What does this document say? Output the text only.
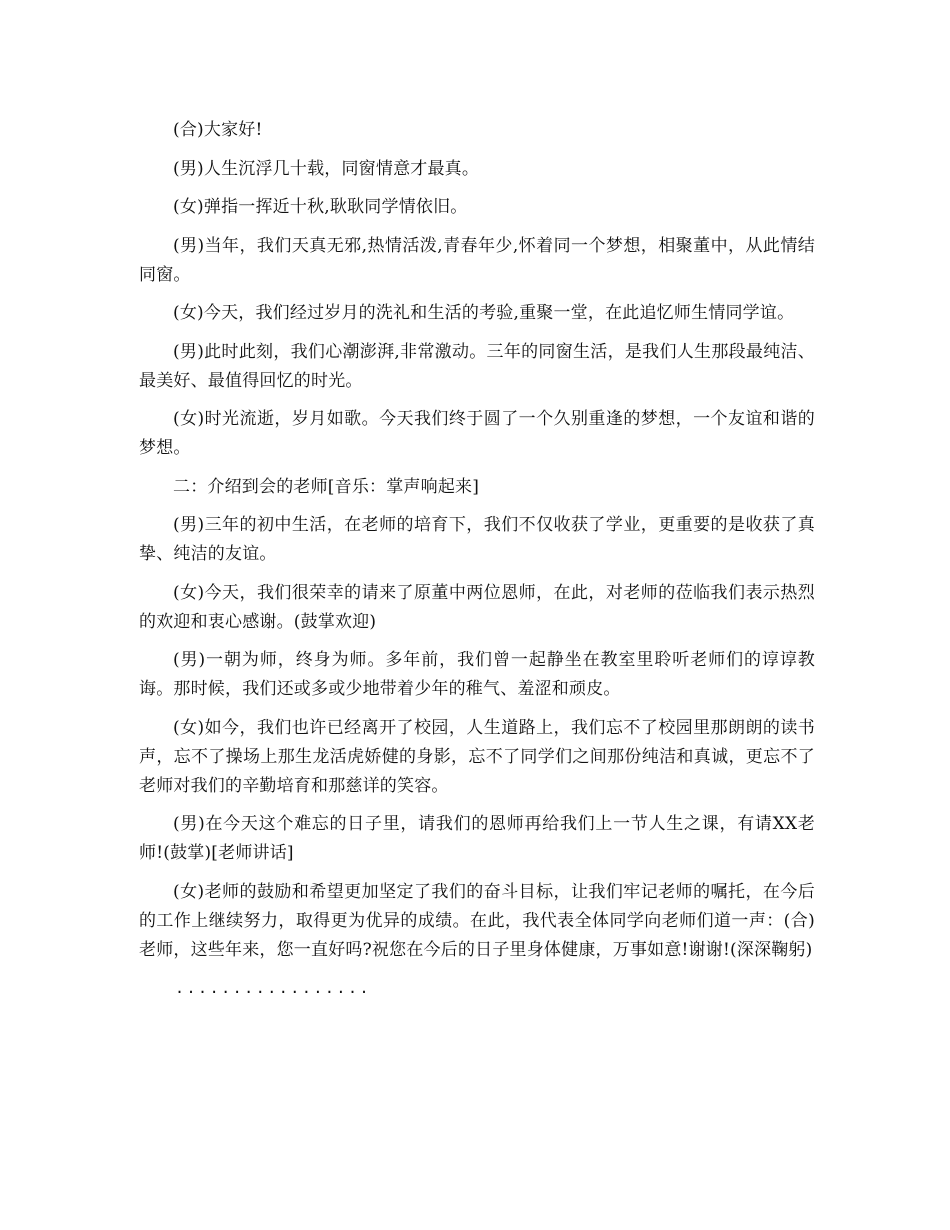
(合)大家好!

(男)人生沉浮几十载，同窗情意才最真。

(女)弹指一挥近十秋,耿耿同学情依旧。

(男)当年，我们天真无邪,热情活泼,青春年少,怀着同一个梦想，相聚董中，从此情结同窗。

(女)今天，我们经过岁月的洗礼和生活的考验,重聚一堂，在此追忆师生情同学谊。

(男)此时此刻，我们心潮澎湃,非常激动。三年的同窗生活，是我们人生那段最纯洁、最美好、最值得回忆的时光。

(女)时光流逝，岁月如歌。今天我们终于圆了一个久别重逢的梦想，一个友谊和谐的梦想。

二：介绍到会的老师[音乐：掌声响起来]

(男)三年的初中生活，在老师的培育下，我们不仅收获了学业，更重要的是收获了真挚、纯洁的友谊。

(女)今天，我们很荣幸的请来了原董中两位恩师，在此，对老师的莅临我们表示热烈的欢迎和衷心感谢。(鼓掌欢迎)

(男)一朝为师，终身为师。多年前，我们曾一起静坐在教室里聆听老师们的谆谆教诲。那时候，我们还或多或少地带着少年的稚气、羞涩和顽皮。

(女)如今，我们也许已经离开了校园，人生道路上，我们忘不了校园里那朗朗的读书声，忘不了操场上那生龙活虎娇健的身影，忘不了同学们之间那份纯洁和真诚，更忘不了老师对我们的辛勤培育和那慈详的笑容。

(男)在今天这个难忘的日子里，请我们的恩师再给我们上一节人生之课，有请XX老师!(鼓掌)[老师讲话]

(女)老师的鼓励和希望更加坚定了我们的奋斗目标，让我们牢记老师的嘱托，在今后的工作上继续努力，取得更为优异的成绩。在此，我代表全体同学向老师们道一声：(合)老师，这些年来，您一直好吗?祝您在今后的日子里身体健康，万事如意!谢谢!(深深鞠躬)

.................
